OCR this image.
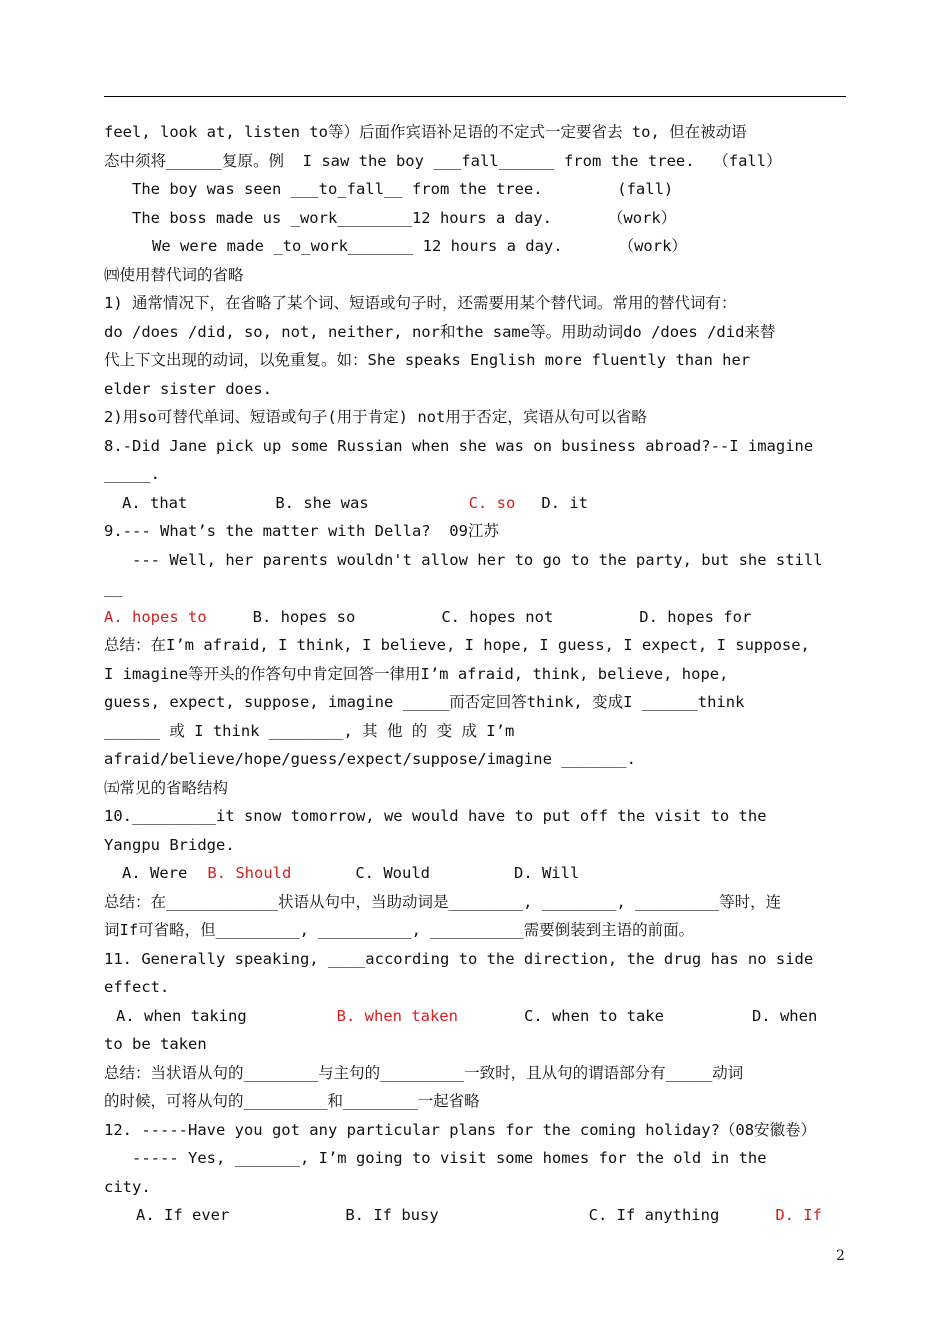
feel, look at, listen to等）后面作宾语补足语的不定式一定要省去 to, 但在被动语
态中须将______复原。例  I saw the boy ___fall______ from the tree.  （fall）
The boy was seen ___to_fall__ from the tree.        (fall)
The boss made us _work________12 hours a day.      （work）
We were made _to_work_______ 12 hours a day.      （work）
㈣使用替代词的省略
1) 通常情况下，在省略了某个词、短语或句子时，还需要用某个替代词。常用的替代词有：
do /does /did, so, not, neither, nor和the same等。用助动词do /does /did来替
代上下文出现的动词，以免重复。如：She speaks English more fluently than her
elder sister does.
2)用so可替代单词、短语或句子(用于肯定) not用于否定，宾语从句可以省略
8.-Did Jane pick up some Russian when she was on business abroad?--I imagine
_____.
A. that	B. she was	C. so D. it
9.--- What’s the matter with Della?  09江苏
--- Well, her parents wouldn't allow her to go to the party, but she still
__
A. hopes to	B. hopes so	C. hopes not	D. hopes for
总结：在I’m afraid, I think, I believe, I hope, I guess, I expect, I suppose,
I imagine等开头的作答句中肯定回答一律用I’m afraid, think, believe, hope,
guess, expect, suppose, imagine _____而否定回答think, 变成I ______think
______ 或 I think ________, 其 他 的 变 成 I’m
afraid/believe/hope/guess/expect/suppose/imagine _______.
㈤常见的省略结构
10._________it snow tomorrow, we would have to put off the visit to the
Yangpu Bridge.
A. Were B. Should	C. Would	D. Will
总结：在____________状语从句中，当助动词是________, ________, _________等时，连
词If可省略，但_________, __________, __________需要倒装到主语的前面。
11. Generally speaking, ____according to the direction, the drug has no side
effect.
A. when taking	B. when taken	C. when to take	D. when
to be taken
总结：当状语从句的________与主句的_________一致时，且从句的谓语部分有_____动词
的时候，可将从句的_________和________一起省略
12. -----Have you got any particular plans for the coming holiday?（08安徽卷）
----- Yes, _______, I’m going to visit some homes for the old in the
city.
A. If ever	B. If busy	C. If anything	D. If
2
